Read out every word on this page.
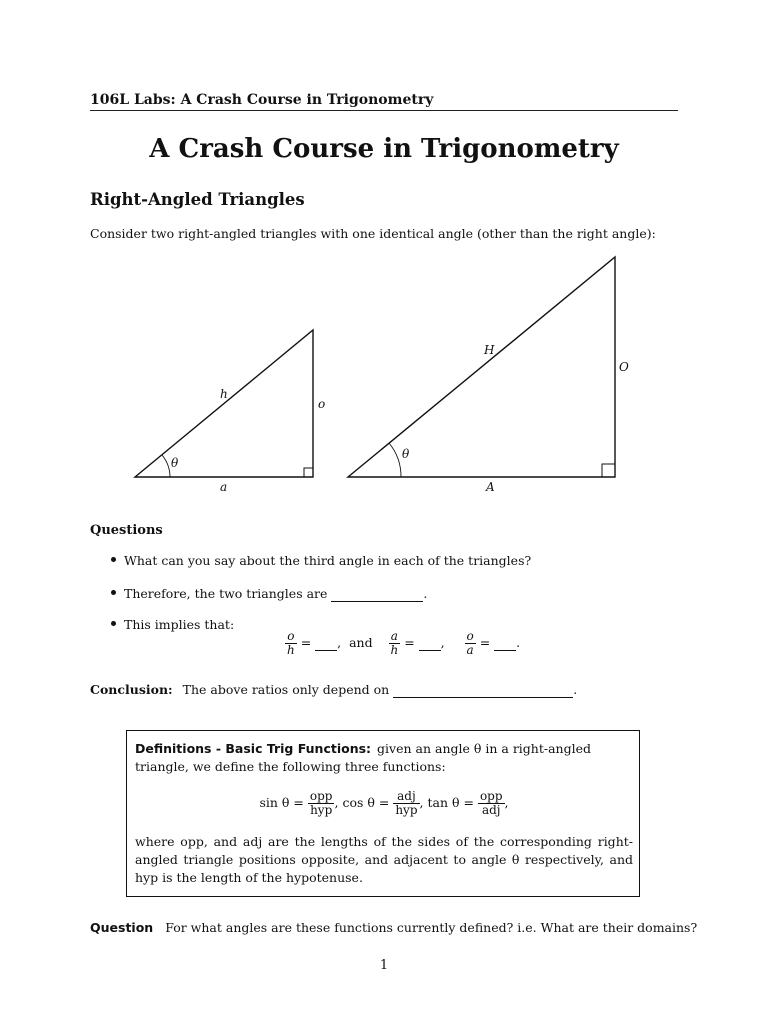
106L Labs: A Crash Course in Trigonometry
A Crash Course in Trigonometry
Right-Angled Triangles
Consider two right-angled triangles with one identical angle (other than the right angle):
θ
h
o
a
θ
H
O
A
Questions
What can you say about the third angle in each of the triangles?
Therefore, the two triangles are	.
This implies that:
$\frac{o}{h}$ =  ,  and $\frac{a}{h}$ =  , $\frac{o}{a}$ =  .
Conclusion: The above ratios only depend on	.
Definitions - Basic Trig Functions: given an angle θ in a right-angled triangle, we define the following three functions:
$\sin \theta = \frac{\text{opp}}{\text{hyp}}$ , $\cos \theta = \frac{\text{adj}}{\text{hyp}}$ , $\tan \theta = \frac{\text{opp}}{\text{adj}}$ ,
where opp, and adj are the lengths of the sides of the corresponding right-angled triangle positions opposite, and adjacent to angle θ respectively, and hyp is the length of the hypotenuse.
Question For what angles are these functions currently defined? i.e. What are their domains?
1
